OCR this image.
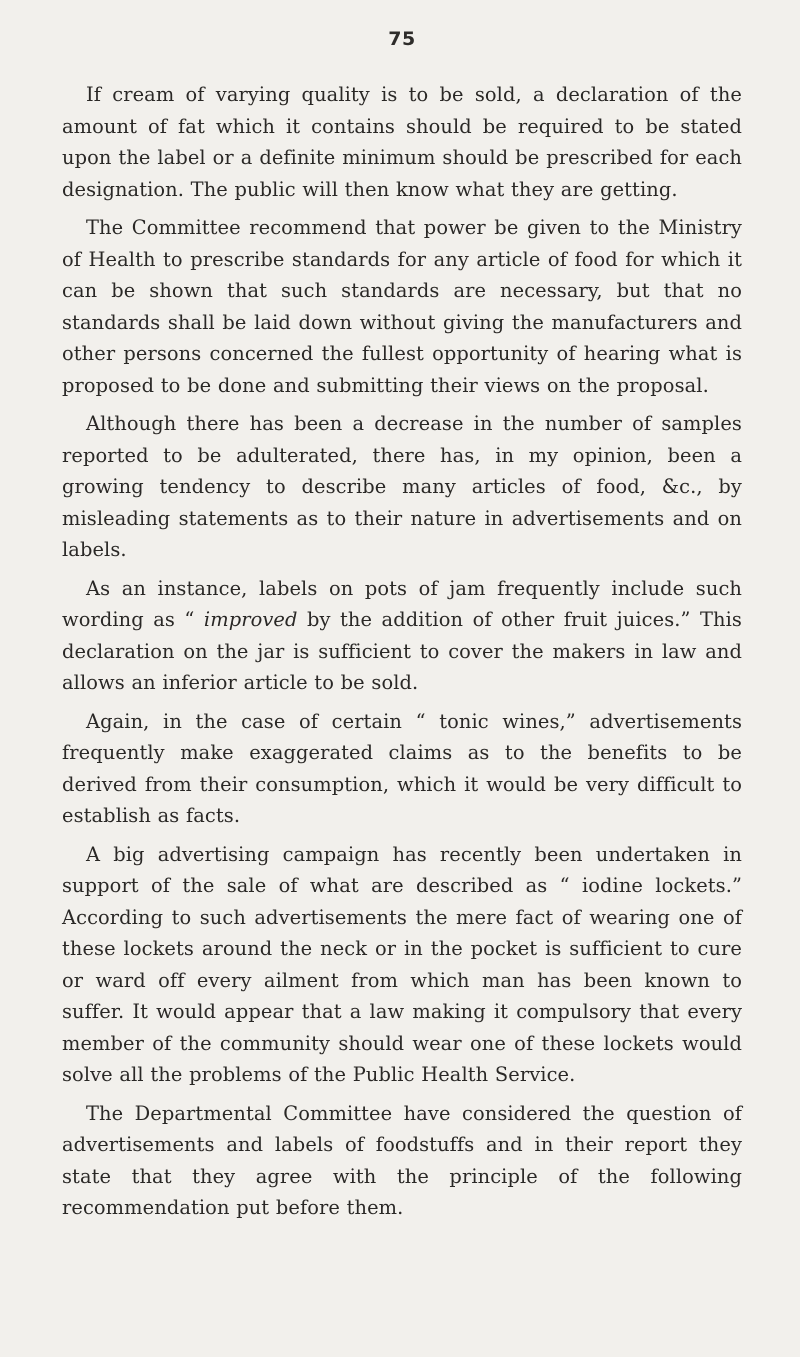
75

If cream of varying quality is to be sold, a declaration of the amount of fat which it contains should be required to be stated upon the label or a definite minimum should be prescribed for each designation. The public will then know what they are getting.

The Committee recommend that power be given to the Ministry of Health to prescribe standards for any article of food for which it can be shown that such standards are necessary, but that no standards shall be laid down without giving the manufacturers and other persons concerned the fullest opportunity of hearing what is proposed to be done and submitting their views on the proposal.

Although there has been a decrease in the number of samples reported to be adulterated, there has, in my opinion, been a growing tendency to describe many articles of food, &c., by misleading statements as to their nature in advertisements and on labels.

As an instance, labels on pots of jam frequently include such wording as “ improved by the addition of other fruit juices.” This declaration on the jar is sufficient to cover the makers in law and allows an inferior article to be sold.

Again, in the case of certain “ tonic wines,” advertisements frequently make exaggerated claims as to the benefits to be derived from their consumption, which it would be very difficult to establish as facts.

A big advertising campaign has recently been undertaken in support of the sale of what are described as “ iodine lockets.” According to such advertisements the mere fact of wearing one of these lockets around the neck or in the pocket is sufficient to cure or ward off every ailment from which man has been known to suffer. It would appear that a law making it compulsory that every member of the community should wear one of these lockets would solve all the problems of the Public Health Service.

The Departmental Committee have considered the question of advertisements and labels of foodstuffs and in their report they state that they agree with the principle of the following recommendation put before them.
